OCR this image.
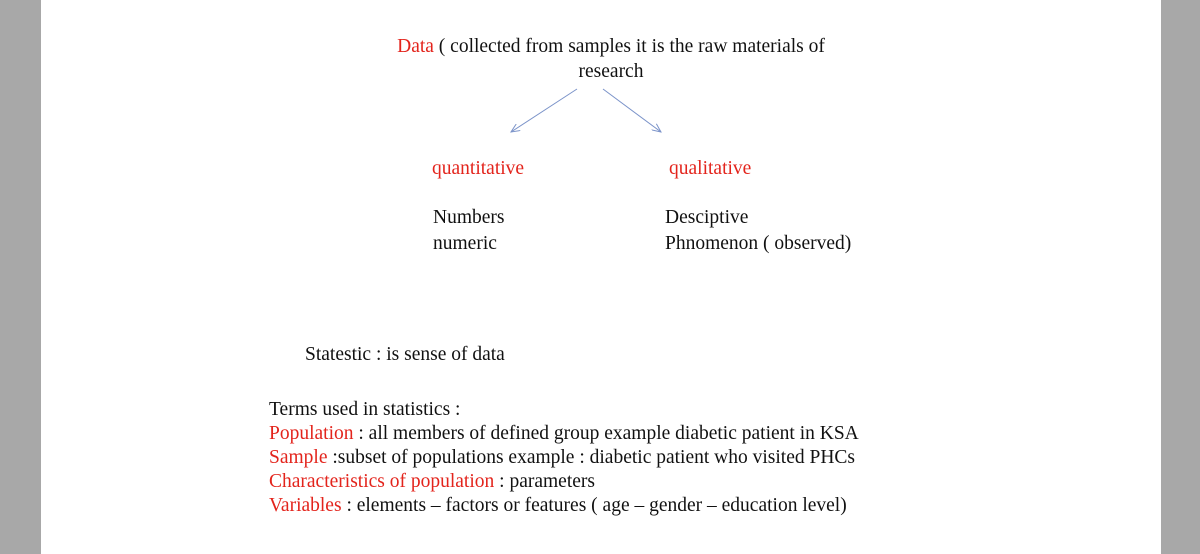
Data ( collected from samples it is the raw materials of
research
quantitative	qualitative
Numbers
numeric
Desciptive
Phnomenon ( observed)
Statestic : is sense of data
Terms used in statistics :
Population : all members of defined group example diabetic patient in KSA
Sample :subset of populations example : diabetic patient who visited PHCs
Characteristics of population : parameters
Variables : elements – factors or features ( age – gender – education level)
